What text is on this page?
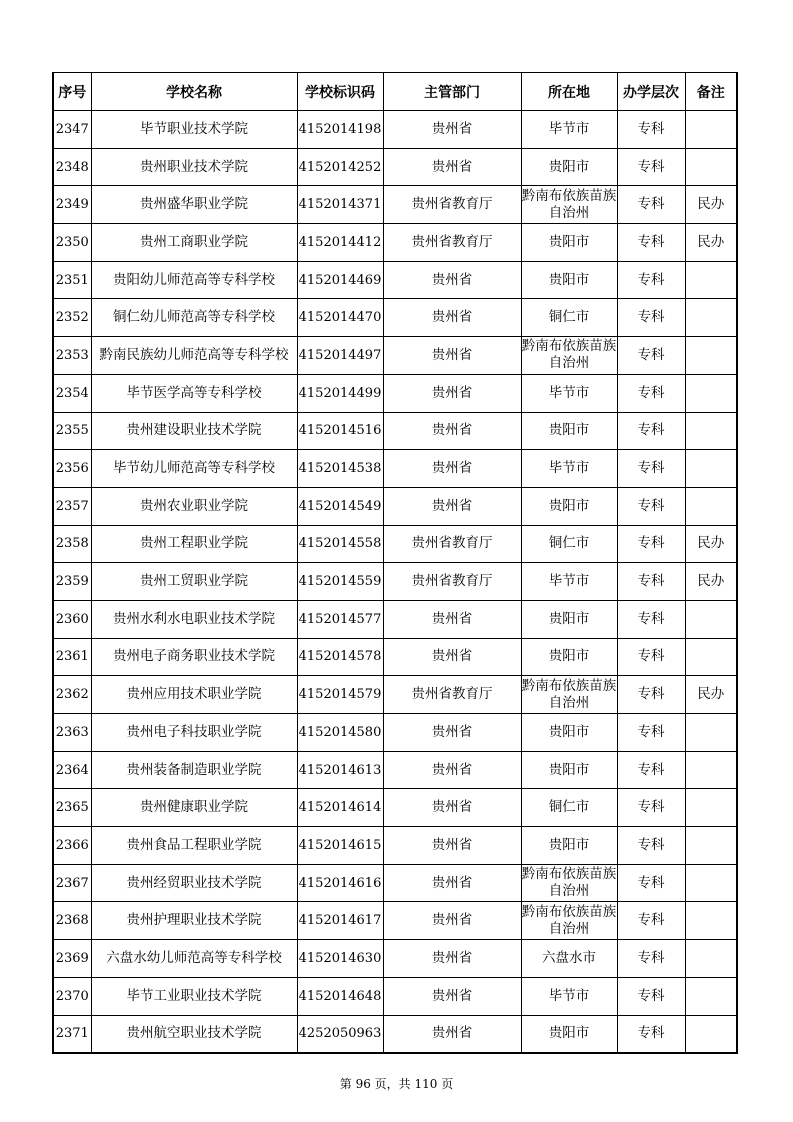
序号	学校名称	学校标识码	主管部门	所在地	办学层次	备注
2347	毕节职业技术学院	4152014198	贵州省	毕节市	专科	
2348	贵州职业技术学院	4152014252	贵州省	贵阳市	专科	
2349	贵州盛华职业学院	4152014371	贵州省教育厅	黔南布依族苗族自治州	专科	民办
2350	贵州工商职业学院	4152014412	贵州省教育厅	贵阳市	专科	民办
2351	贵阳幼儿师范高等专科学校	4152014469	贵州省	贵阳市	专科	
2352	铜仁幼儿师范高等专科学校	4152014470	贵州省	铜仁市	专科	
2353	黔南民族幼儿师范高等专科学校	4152014497	贵州省	黔南布依族苗族自治州	专科	
2354	毕节医学高等专科学校	4152014499	贵州省	毕节市	专科	
2355	贵州建设职业技术学院	4152014516	贵州省	贵阳市	专科	
2356	毕节幼儿师范高等专科学校	4152014538	贵州省	毕节市	专科	
2357	贵州农业职业学院	4152014549	贵州省	贵阳市	专科	
2358	贵州工程职业学院	4152014558	贵州省教育厅	铜仁市	专科	民办
2359	贵州工贸职业学院	4152014559	贵州省教育厅	毕节市	专科	民办
2360	贵州水利水电职业技术学院	4152014577	贵州省	贵阳市	专科	
2361	贵州电子商务职业技术学院	4152014578	贵州省	贵阳市	专科	
2362	贵州应用技术职业学院	4152014579	贵州省教育厅	黔南布依族苗族自治州	专科	民办
2363	贵州电子科技职业学院	4152014580	贵州省	贵阳市	专科	
2364	贵州装备制造职业学院	4152014613	贵州省	贵阳市	专科	
2365	贵州健康职业学院	4152014614	贵州省	铜仁市	专科	
2366	贵州食品工程职业学院	4152014615	贵州省	贵阳市	专科	
2367	贵州经贸职业技术学院	4152014616	贵州省	黔南布依族苗族自治州	专科	
2368	贵州护理职业技术学院	4152014617	贵州省	黔南布依族苗族自治州	专科	
2369	六盘水幼儿师范高等专科学校	4152014630	贵州省	六盘水市	专科	
2370	毕节工业职业技术学院	4152014648	贵州省	毕节市	专科	
2371	贵州航空职业技术学院	4252050963	贵州省	贵阳市	专科	
第 96 页，共 110 页
